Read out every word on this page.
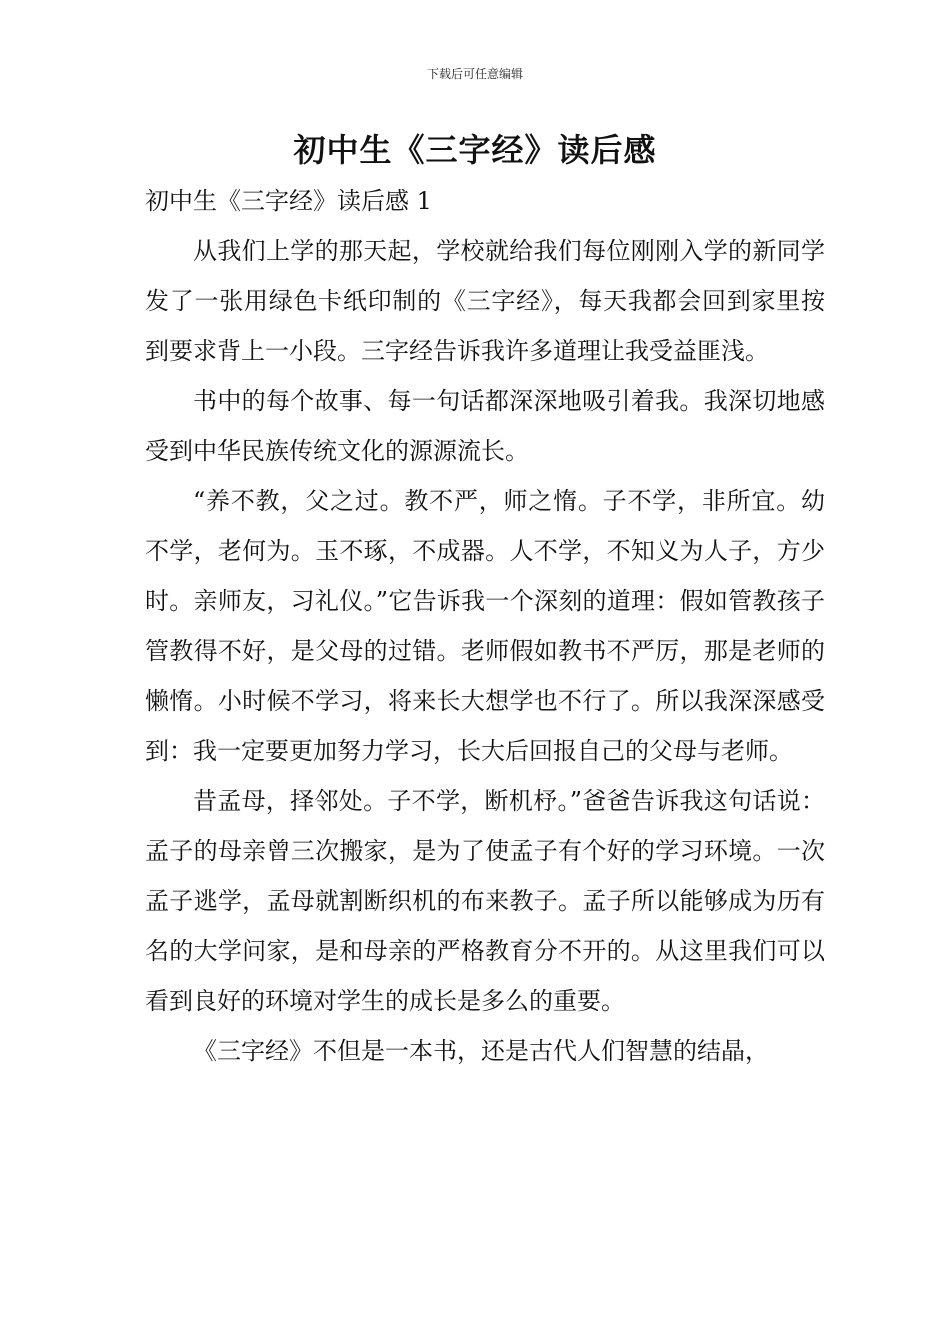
下载后可任意编辑
初中生《三字经》读后感

初中生《三字经》读后感 1

从我们上学的那天起，学校就给我们每位刚刚入学的新同学发了一张用绿色卡纸印制的《三字经》，每天我都会回到家里按到要求背上一小段。三字经告诉我许多道理让我受益匪浅。

书中的每个故事、每一句话都深深地吸引着我。我深切地感受到中华民族传统文化的源源流长。

“养不教，父之过。教不严，师之惰。子不学，非所宜。幼不学，老何为。玉不琢，不成器。人不学，不知义为人子，方少时。亲师友，习礼仪。”它告诉我一个深刻的道理：假如管教孩子管教得不好，是父母的过错。老师假如教书不严厉，那是老师的懒惰。小时候不学习，将来长大想学也不行了。所以我深深感受到：我一定要更加努力学习，长大后回报自己的父母与老师。

昔孟母，择邻处。子不学，断机杼。”爸爸告诉我这句话说：孟子的母亲曾三次搬家，是为了使孟子有个好的学习环境。一次孟子逃学，孟母就割断织机的布来教子。孟子所以能够成为历有名的大学问家，是和母亲的严格教育分不开的。从这里我们可以看到良好的环境对学生的成长是多么的重要。

《三字经》不但是一本书，还是古代人们智慧的结晶，
